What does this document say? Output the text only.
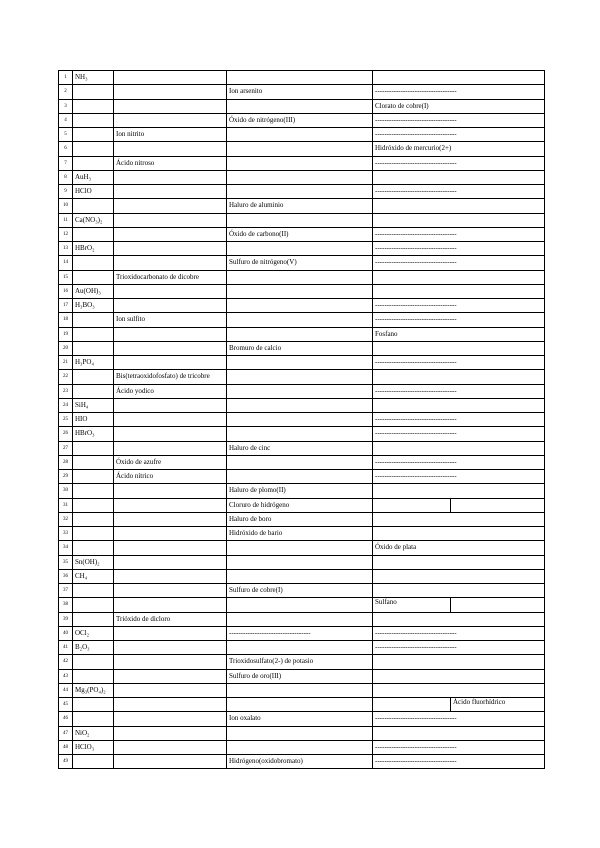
1	NH₃			
2			Ion arsenito	-----------------------------------
3				Clorato de cobre(I)
4			Óxido de nitrógeno(III)	-----------------------------------
5		Ion nitrito		-----------------------------------
6				Hidróxido de mercurio(2+)
7		Ácido nitroso		-----------------------------------
8	AuH₃			
9	HClO			-----------------------------------
10			Haluro de aluminio	
11	Ca(NO₃)₂			
12			Óxido de carbono(II)	-----------------------------------
13	HBrO₂			-----------------------------------
14			Sulfuro de nitrógeno(V)	-----------------------------------
15		Trioxidocarbonato de dicobre		
16	Au(OH)₃			
17	H₃BO₃			-----------------------------------
18		Ion sulfito		-----------------------------------
19				Fosfano
20			Bromuro de calcio	
21	H₃PO₄			-----------------------------------
22		Bis(tetraoxidofosfato) de tricobre		
23		Ácido yodico		-----------------------------------
24	SiH₄			
25	HIO			-----------------------------------
26	HBrO₃			-----------------------------------
27			Haluro de cinc	
28		Óxido de azufre		-----------------------------------
29		Ácido nítrico		-----------------------------------
30			Haluro de plomo(II)	
31			Cloruro de hidrógeno	

32			Haluro de boro	
33			Hidróxido de bario	
34				Óxido de plata
35	Sn(OH)₂			
36	CH₄			
37			Sulfuro de cobre(I)	
38				Sulfano

39		Trióxido de dicloro		
40	OCl₂		-----------------------------------	-----------------------------------
41	B₂O₃			-----------------------------------
42			Trioxidosulfato(2-) de potasio	
43			Sulfuro de oro(III)	
44	Mg₃(PO₄)₂			
45				Ácido fluorhídrico

46			Ion oxalato	-----------------------------------
47	NiO₂			
48	HClO₃			-----------------------------------
49			Hidrógeno(oxidobromato)	-----------------------------------
